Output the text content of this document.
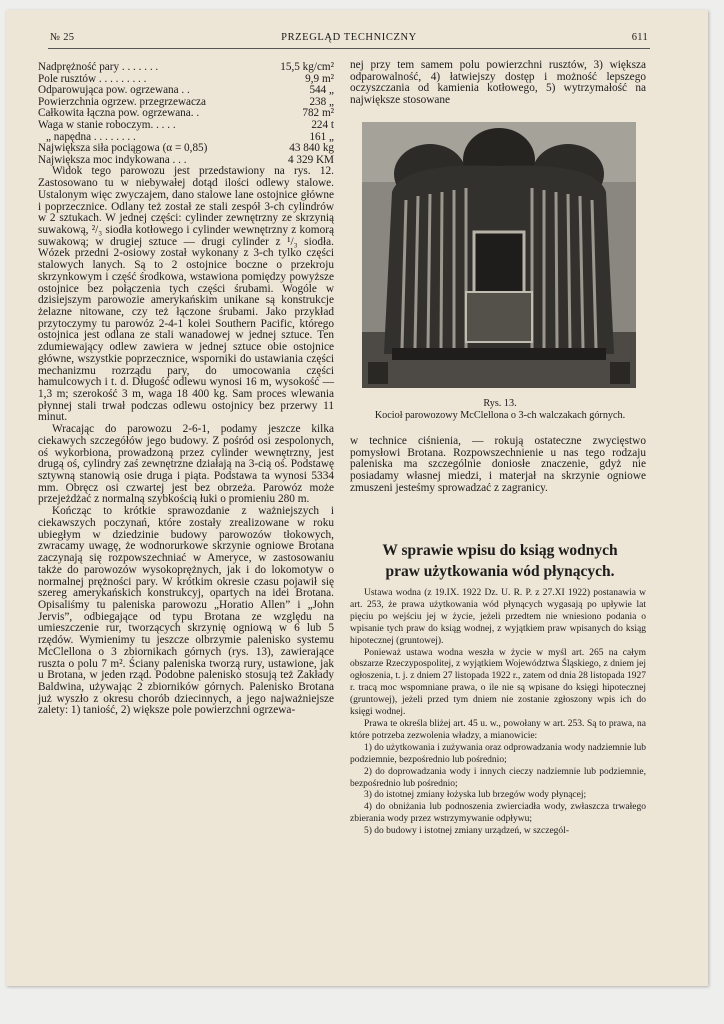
№ 25	PRZEGLĄD TECHNICZNY	611
Nadprężność pary . . . . . . .	15,5 kg/cm²
Pole rusztów . . . . . . . . .	9,9 m²
Odparowująca pow. ogrzewana . .	544 „
Powierzchnia ogrzew. przegrzewacza	238 „
Całkowita łączna pow. ogrzewana. .	782 m²
Waga w stanie roboczym. . . . .	224 t
„ napędna . . . . . . . .	161 „
Największa siła pociągowa (α = 0,85)	43 840 kg
Największa moc indykowana . . .	4 329 KM

Widok tego parowozu jest przedstawiony na rys. 12. Zastosowano tu w niebywałej dotąd ilości odlewy stalowe. Ustalonym więc zwyczajem, dano stalowe lane ostojnice główne i poprzecznice. Odlany też został ze stali zespół 3-ch cylindrów w 2 sztukach. W jednej części: cylinder zewnętrzny ze skrzynią suwakową, ²/₃ siodła kotłowego i cylinder wewnętrzny z komorą suwakową; w drugiej sztuce — drugi cylinder z ¹/₃ siodła. Wózek przedni 2-osiowy został wykonany z 3-ch tylko części stalowych lanych. Są to 2 ostojnice boczne o przekroju skrzynkowym i część środkowa, wstawiona pomiędzy powyższe ostojnice bez połączenia tych części śrubami. Wogóle w dzisiejszym parowozie amerykańskim unikane są konstrukcje żelazne nitowane, czy też łączone śrubami. Jako przykład przytoczymy tu parowóz 2-4-1 kolei Southern Pacific, którego ostojnica jest odlana ze stali wanadowej w jednej sztuce. Ten zdumiewający odlew zawiera w jednej sztuce obie ostojnice główne, wszystkie poprzecznice, wsporniki do ustawiania części mechanizmu rozrządu pary, do umocowania części hamulcowych i t. d. Długość odlewu wynosi 16 m, wysokość — 1,3 m; szerokość 3 m, waga 18 400 kg. Sam proces wlewania płynnej stali trwał podczas odlewu ostojnicy bez przerwy 11 minut.

Wracając do parowozu 2-6-1, podamy jeszcze kilka ciekawych szczegółów jego budowy. Z pośród osi zespolonych, oś wykorbiona, prowadzoną przez cylinder wewnętrzny, jest drugą oś, cylindry zaś zewnętrzne działają na 3-cią oś. Podstawę sztywną stanowią osie druga i piąta. Podstawa ta wynosi 5334 mm. Obręcz osi czwartej jest bez obrzeża. Parowóz może przejeżdżać z normalną szybkością łuki o promieniu 280 m.

Kończąc to krótkie sprawozdanie z ważniejszych i ciekawszych poczynań, które zostały zrealizowane w roku ubiegłym w dziedzinie budowy parowozów tłokowych, zwracamy uwagę, że wodnorurkowe skrzynie ogniowe Brotana zaczynają się rozpowszechniać w Ameryce, w zastosowaniu także do parowozów wysokoprężnych, jak i do lokomotyw o normalnej prężności pary. W krótkim okresie czasu pojawił się szereg amerykańskich konstrukcyj, opartych na idei Brotana. Opisaliśmy tu paleniska parowozu „Horatio Allen” i „John Jervis”, odbiegające od typu Brotana ze względu na umieszczenie rur, tworzących skrzynię ogniową w 6 lub 5 rzędów. Wymienimy tu jeszcze olbrzymie palenisko systemu McClellona o 3 zbiornikach górnych (rys. 13), zawierające ruszta o polu 7 m². Ściany paleniska tworzą rury, ustawione, jak u Brotana, w jeden rząd. Podobne palenisko stosują też Zakłady Baldwina, używając 2 zbiorników górnych. Palenisko Brotana już wyszło z okresu chorób dziecinnych, a jego najważniejsze zalety: 1) taniość, 2) większe pole powierzchni ogrzewa-

nej przy tem samem polu powierzchni rusztów, 3) większa odparowalność, 4) łatwiejszy dostęp i możność lepszego oczyszczania od kamienia kotłowego, 5) wytrzymałość na największe stosowane

Rys. 13.
Kocioł parowozowy McClellona o 3-ch walczakach górnych.

w technice ciśnienia, — rokują ostateczne zwycięstwo pomysłowi Brotana. Rozpowszechnienie u nas tego rodzaju paleniska ma szczególnie doniosłe znaczenie, gdyż nie posiadamy własnej miedzi, i materjał na skrzynie ogniowe zmuszeni jesteśmy sprowadzać z zagranicy.

W sprawie wpisu do ksiąg wodnych
praw użytkowania wód płynących.

Ustawa wodna (z 19.IX. 1922 Dz. U. R. P. z 27.XI 1922) postanawia w art. 253, że prawa użytkowania wód płynących wygasają po upływie lat pięciu po wejściu jej w życie, jeżeli przedtem nie wniesiono podania o wpisanie tych praw do ksiąg wodnej, z wyjątkiem praw wpisanych do ksiąg hipotecznej (gruntowej).

Ponieważ ustawa wodna weszła w życie w myśl art. 265 na całym obszarze Rzeczypospolitej, z wyjątkiem Województwa Śląskiego, z dniem jej ogłoszenia, t. j. z dniem 27 listopada 1922 r., zatem od dnia 28 listopada 1927 r. tracą moc wspomniane prawa, o ile nie są wpisane do księgi hipotecznej (gruntowej), jeżeli przed tym dniem nie zostanie zgłoszony wpis ich do księgi wodnej.

Prawa te określa bliżej art. 45 u. w., powołany w art. 253. Są to prawa, na które potrzeba zezwolenia władzy, a mianowicie:

1) do użytkowania i zużywania oraz odprowadzania wody nadziemnie lub podziemnie, bezpośrednio lub pośrednio;

2) do doprowadzania wody i innych cieczy nadziemnie lub podziemnie, bezpośrednio lub pośrednio;

3) do istotnej zmiany łożyska lub brzegów wody płynącej;

4) do obniżania lub podnoszenia zwierciadła wody, zwłaszcza trwałego zbierania wody przez wstrzymywanie odpływu;

5) do budowy i istotnej zmiany urządzeń, w szczegól-
